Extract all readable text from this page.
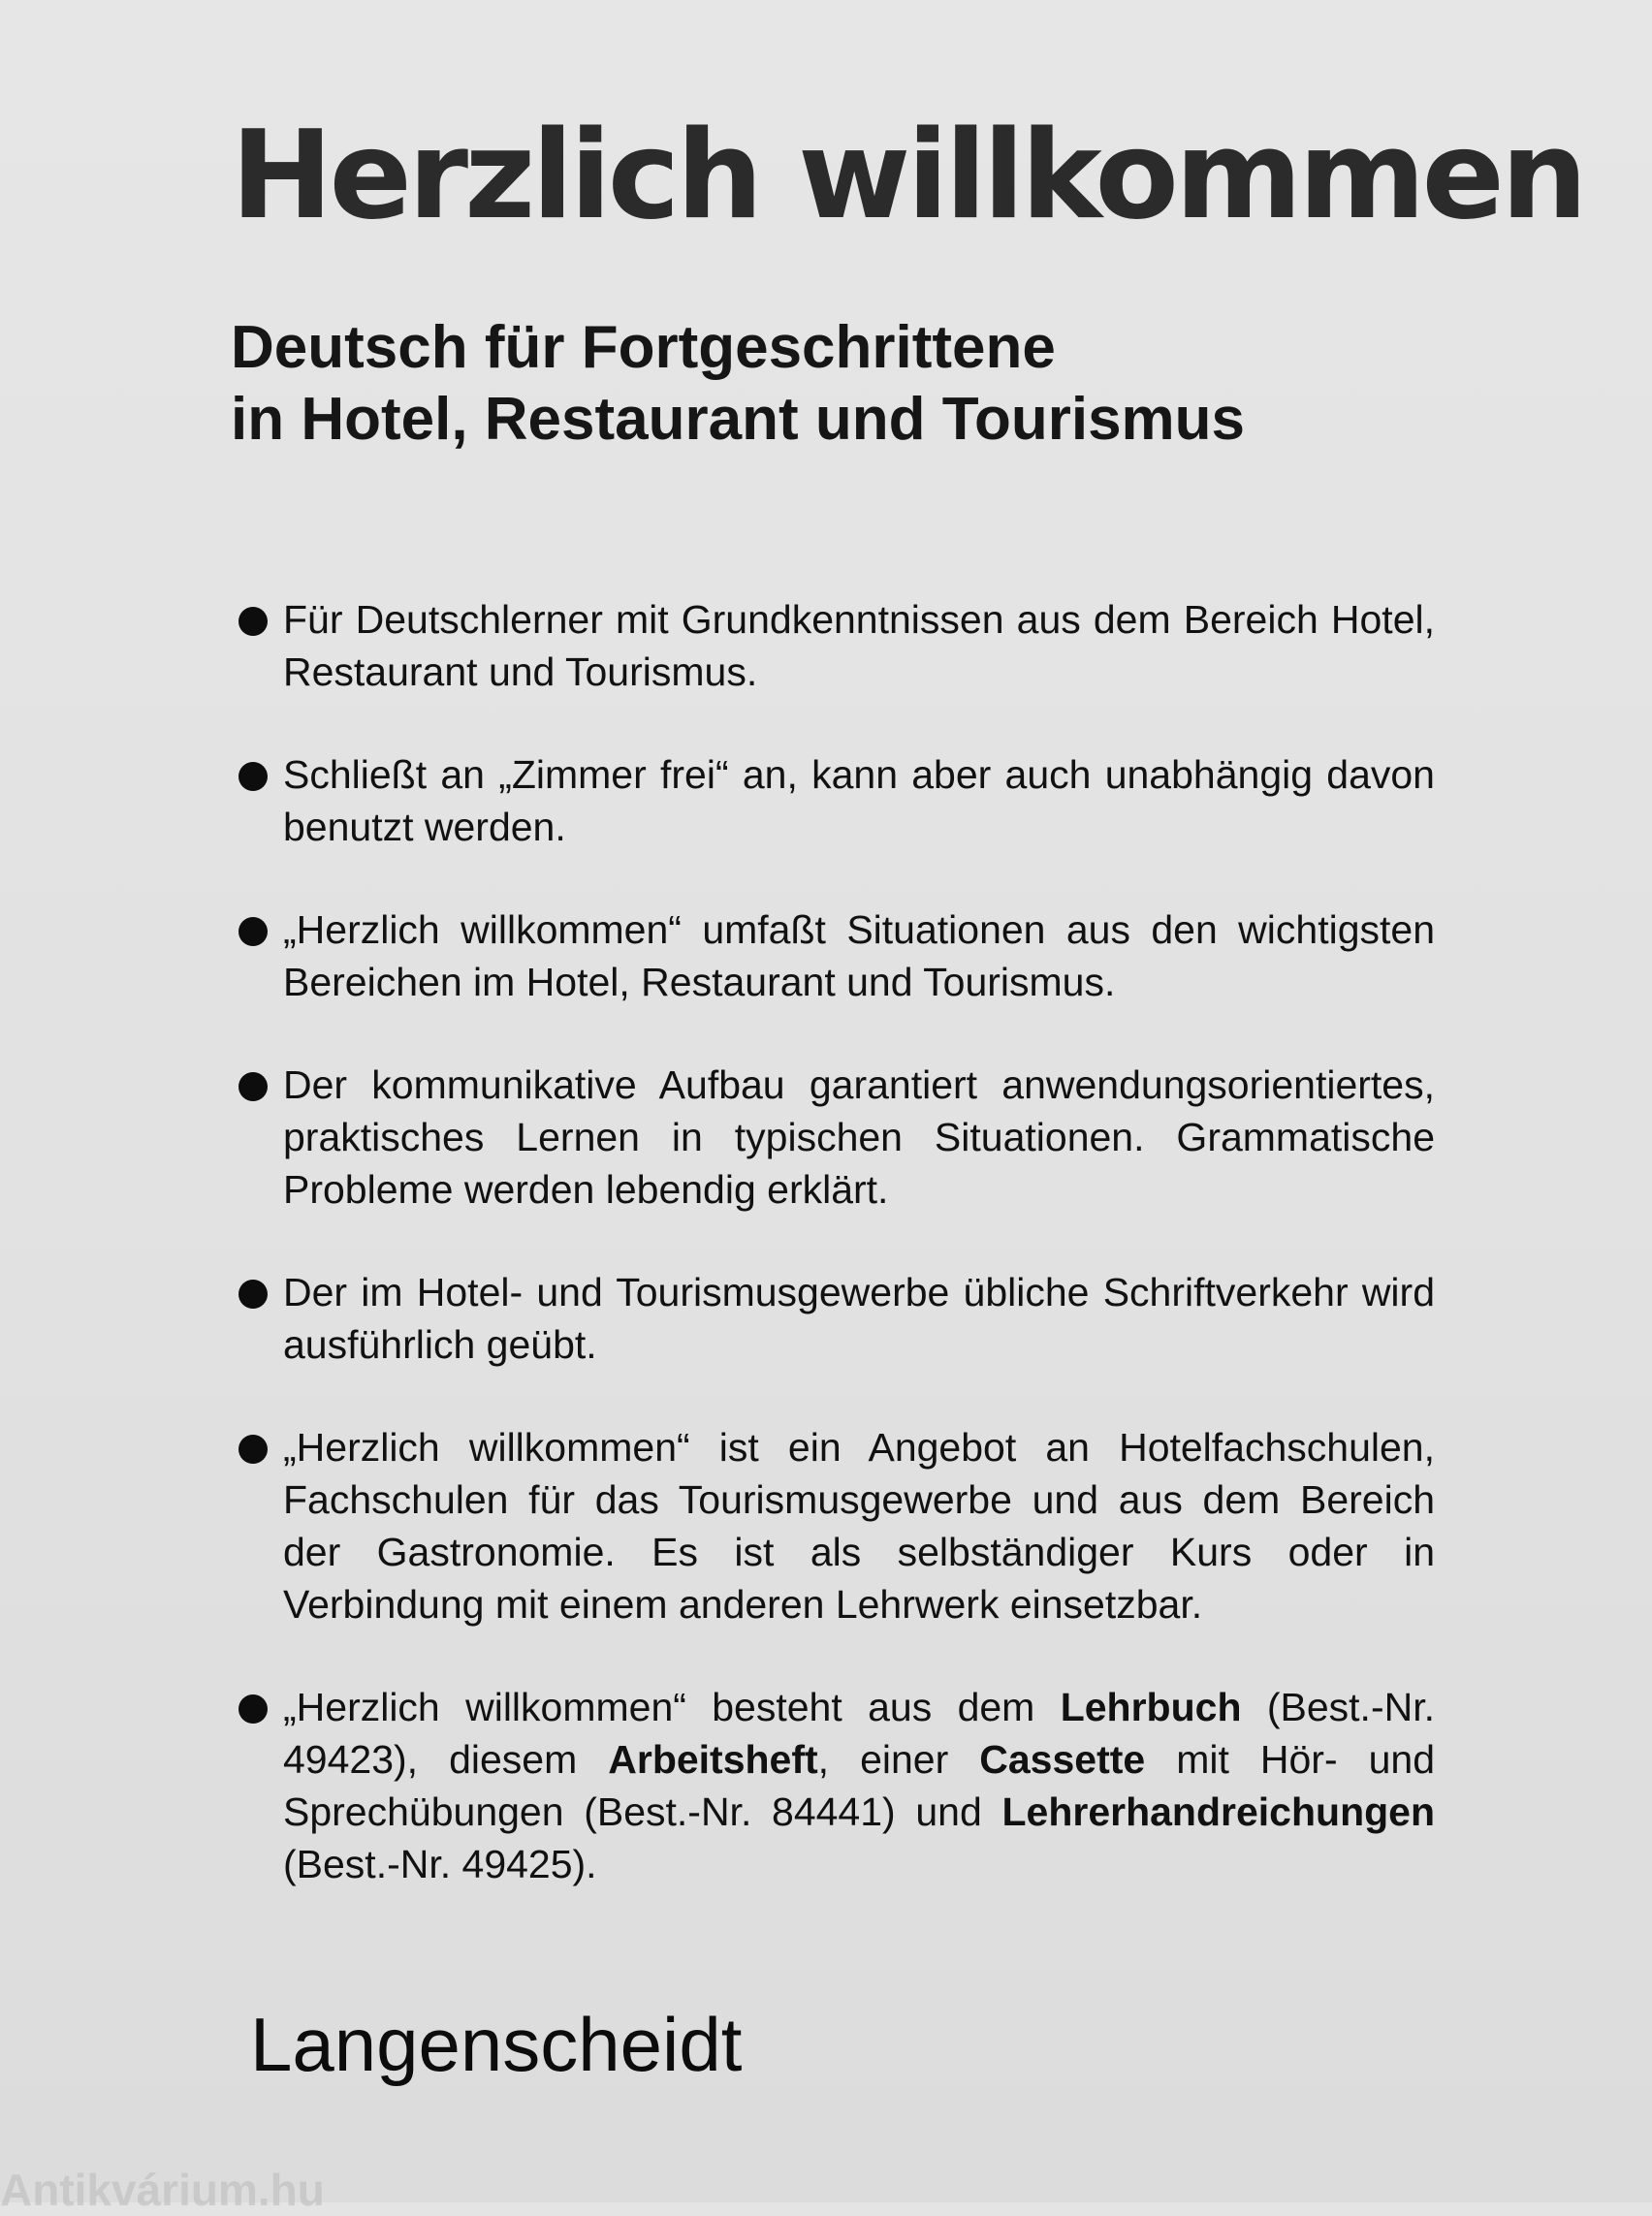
Herzlich willkommen
Deutsch für Fortgeschrittene
in Hotel, Restaurant und Tourismus
Für Deutschlerner mit Grundkenntnissen aus dem Bereich Hotel, Restaurant und Tourismus.
Schließt an „Zimmer frei“ an, kann aber auch unabhängig davon benutzt werden.
„Herzlich willkommen“ umfaßt Situationen aus den wichtigsten Bereichen im Hotel, Restaurant und Tourismus.
Der kommunikative Aufbau garantiert anwendungsorientiertes, praktisches Lernen in typischen Situationen. Grammatische Probleme werden lebendig erklärt.
Der im Hotel- und Tourismusgewerbe übliche Schriftverkehr wird ausführlich geübt.
„Herzlich willkommen“ ist ein Angebot an Hotelfachschulen, Fachschulen für das Tourismusgewerbe und aus dem Bereich der Gastronomie. Es ist als selbständiger Kurs oder in Verbindung mit einem anderen Lehrwerk einsetzbar.
„Herzlich willkommen“ besteht aus dem Lehrbuch (Best.-Nr. 49423), diesem Arbeitsheft, einer Cassette mit Hör- und Sprechübungen (Best.-Nr. 84441) und Lehrerhandreichungen (Best.-Nr. 49425).
Langenscheidt
Antikvárium.hu
